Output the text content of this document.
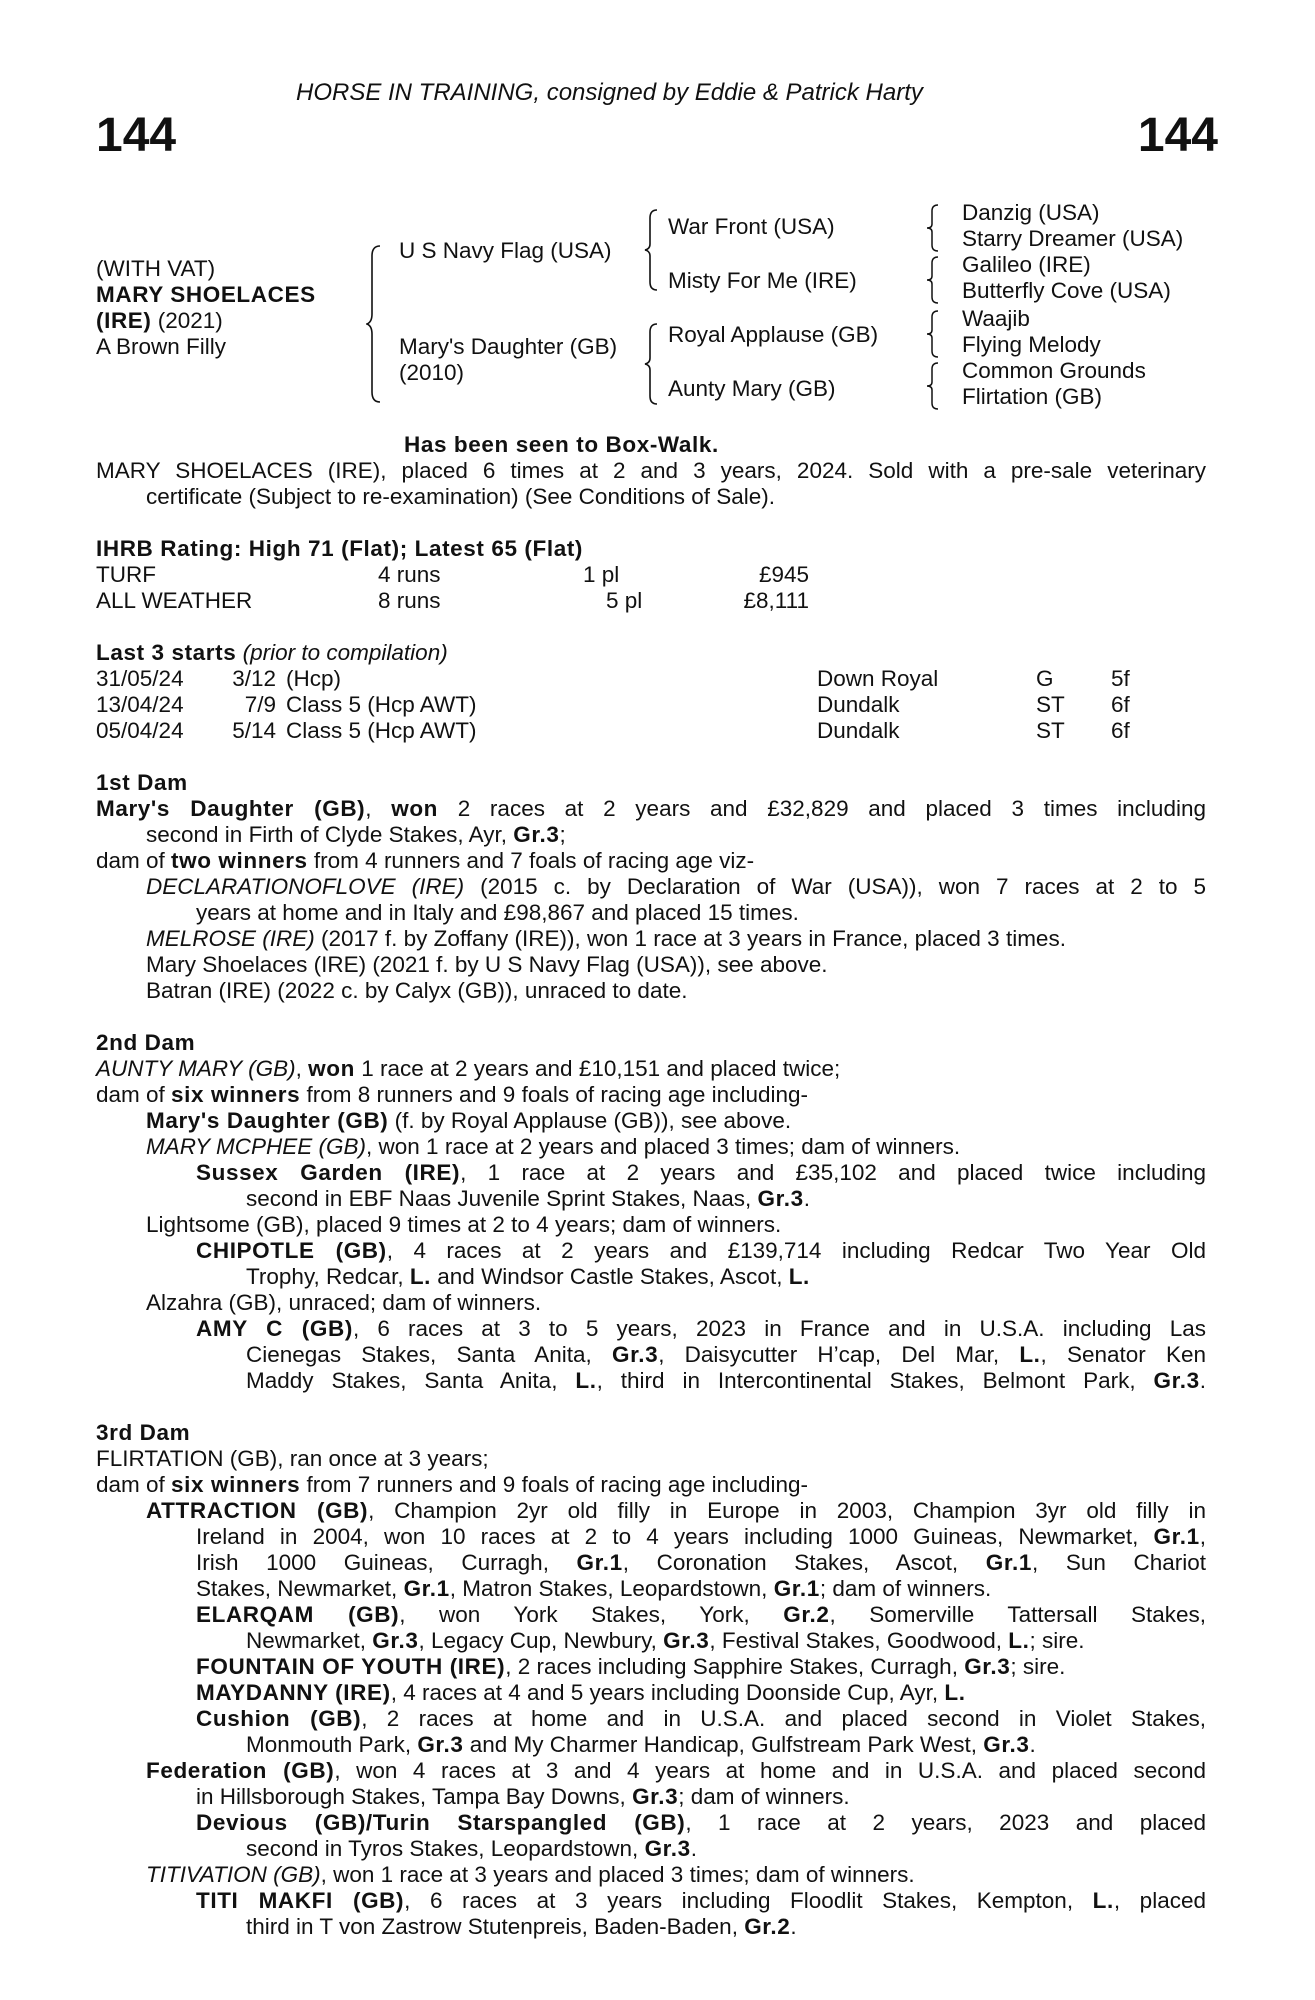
HORSE IN TRAINING, consigned by Eddie & Patrick Harty
144	144
(WITH VAT)
MARY SHOELACES
(IRE) (2021)
A Brown Filly
U S Navy Flag (USA)
Mary's Daughter (GB)
(2010)
War Front (USA)
Misty For Me (IRE)
Royal Applause (GB)
Aunty Mary (GB)
Danzig (USA)
Starry Dreamer (USA)
Galileo (IRE)
Butterfly Cove (USA)
Waajib
Flying Melody
Common Grounds
Flirtation (GB)
Has been seen to Box-Walk.
MARY SHOELACES (IRE), placed 6 times at 2 and 3 years, 2024. Sold with a pre-sale veterinary
certificate (Subject to re-examination) (See Conditions of Sale).
IHRB Rating: High 71 (Flat); Latest 65 (Flat)
TURF	4 runs	1 pl	£945
ALL WEATHER	8 runs	5 pl	£8,111
Last 3 starts (prior to compilation)
31/05/24	3/12 (Hcp)	Down Royal	G	5f
13/04/24	7/9 Class 5 (Hcp AWT)	Dundalk	ST 6f
05/04/24	5/14 Class 5 (Hcp AWT)	Dundalk	ST 6f
1st Dam
Mary's Daughter (GB), won 2 races at 2 years and £32,829 and placed 3 times including
second in Firth of Clyde Stakes, Ayr, Gr.3;
dam of two winners from 4 runners and 7 foals of racing age viz-
DECLARATIONOFLOVE (IRE) (2015 c. by Declaration of War (USA)), won 7 races at 2 to 5
years at home and in Italy and £98,867 and placed 15 times.
MELROSE (IRE) (2017 f. by Zoffany (IRE)), won 1 race at 3 years in France, placed 3 times.
Mary Shoelaces (IRE) (2021 f. by U S Navy Flag (USA)), see above.
Batran (IRE) (2022 c. by Calyx (GB)), unraced to date.
2nd Dam
AUNTY MARY (GB), won 1 race at 2 years and £10,151 and placed twice;
dam of six winners from 8 runners and 9 foals of racing age including-
Mary's Daughter (GB) (f. by Royal Applause (GB)), see above.
MARY MCPHEE (GB), won 1 race at 2 years and placed 3 times; dam of winners.
Sussex Garden (IRE), 1 race at 2 years and £35,102 and placed twice including
second in EBF Naas Juvenile Sprint Stakes, Naas, Gr.3.
Lightsome (GB), placed 9 times at 2 to 4 years; dam of winners.
CHIPOTLE (GB), 4 races at 2 years and £139,714 including Redcar Two Year Old
Trophy, Redcar, L. and Windsor Castle Stakes, Ascot, L.
Alzahra (GB), unraced; dam of winners.
AMY C (GB), 6 races at 3 to 5 years, 2023 in France and in U.S.A. including Las
Cienegas Stakes, Santa Anita, Gr.3, Daisycutter H’cap, Del Mar, L., Senator Ken
Maddy Stakes, Santa Anita, L., third in Intercontinental Stakes, Belmont Park, Gr.3.
3rd Dam
FLIRTATION (GB), ran once at 3 years;
dam of six winners from 7 runners and 9 foals of racing age including-
ATTRACTION (GB), Champion 2yr old filly in Europe in 2003, Champion 3yr old filly in
Ireland in 2004, won 10 races at 2 to 4 years including 1000 Guineas, Newmarket, Gr.1,
Irish 1000 Guineas, Curragh, Gr.1, Coronation Stakes, Ascot, Gr.1, Sun Chariot
Stakes, Newmarket, Gr.1, Matron Stakes, Leopardstown, Gr.1; dam of winners.
ELARQAM (GB), won York Stakes, York, Gr.2, Somerville Tattersall Stakes,
Newmarket, Gr.3, Legacy Cup, Newbury, Gr.3, Festival Stakes, Goodwood, L.; sire.
FOUNTAIN OF YOUTH (IRE), 2 races including Sapphire Stakes, Curragh, Gr.3; sire.
MAYDANNY (IRE), 4 races at 4 and 5 years including Doonside Cup, Ayr, L.
Cushion (GB), 2 races at home and in U.S.A. and placed second in Violet Stakes,
Monmouth Park, Gr.3 and My Charmer Handicap, Gulfstream Park West, Gr.3.
Federation (GB), won 4 races at 3 and 4 years at home and in U.S.A. and placed second
in Hillsborough Stakes, Tampa Bay Downs, Gr.3; dam of winners.
Devious (GB)/Turin Starspangled (GB), 1 race at 2 years, 2023 and placed
second in Tyros Stakes, Leopardstown, Gr.3.
TITIVATION (GB), won 1 race at 3 years and placed 3 times; dam of winners.
TITI MAKFI (GB), 6 races at 3 years including Floodlit Stakes, Kempton, L., placed
third in T von Zastrow Stutenpreis, Baden-Baden, Gr.2.
